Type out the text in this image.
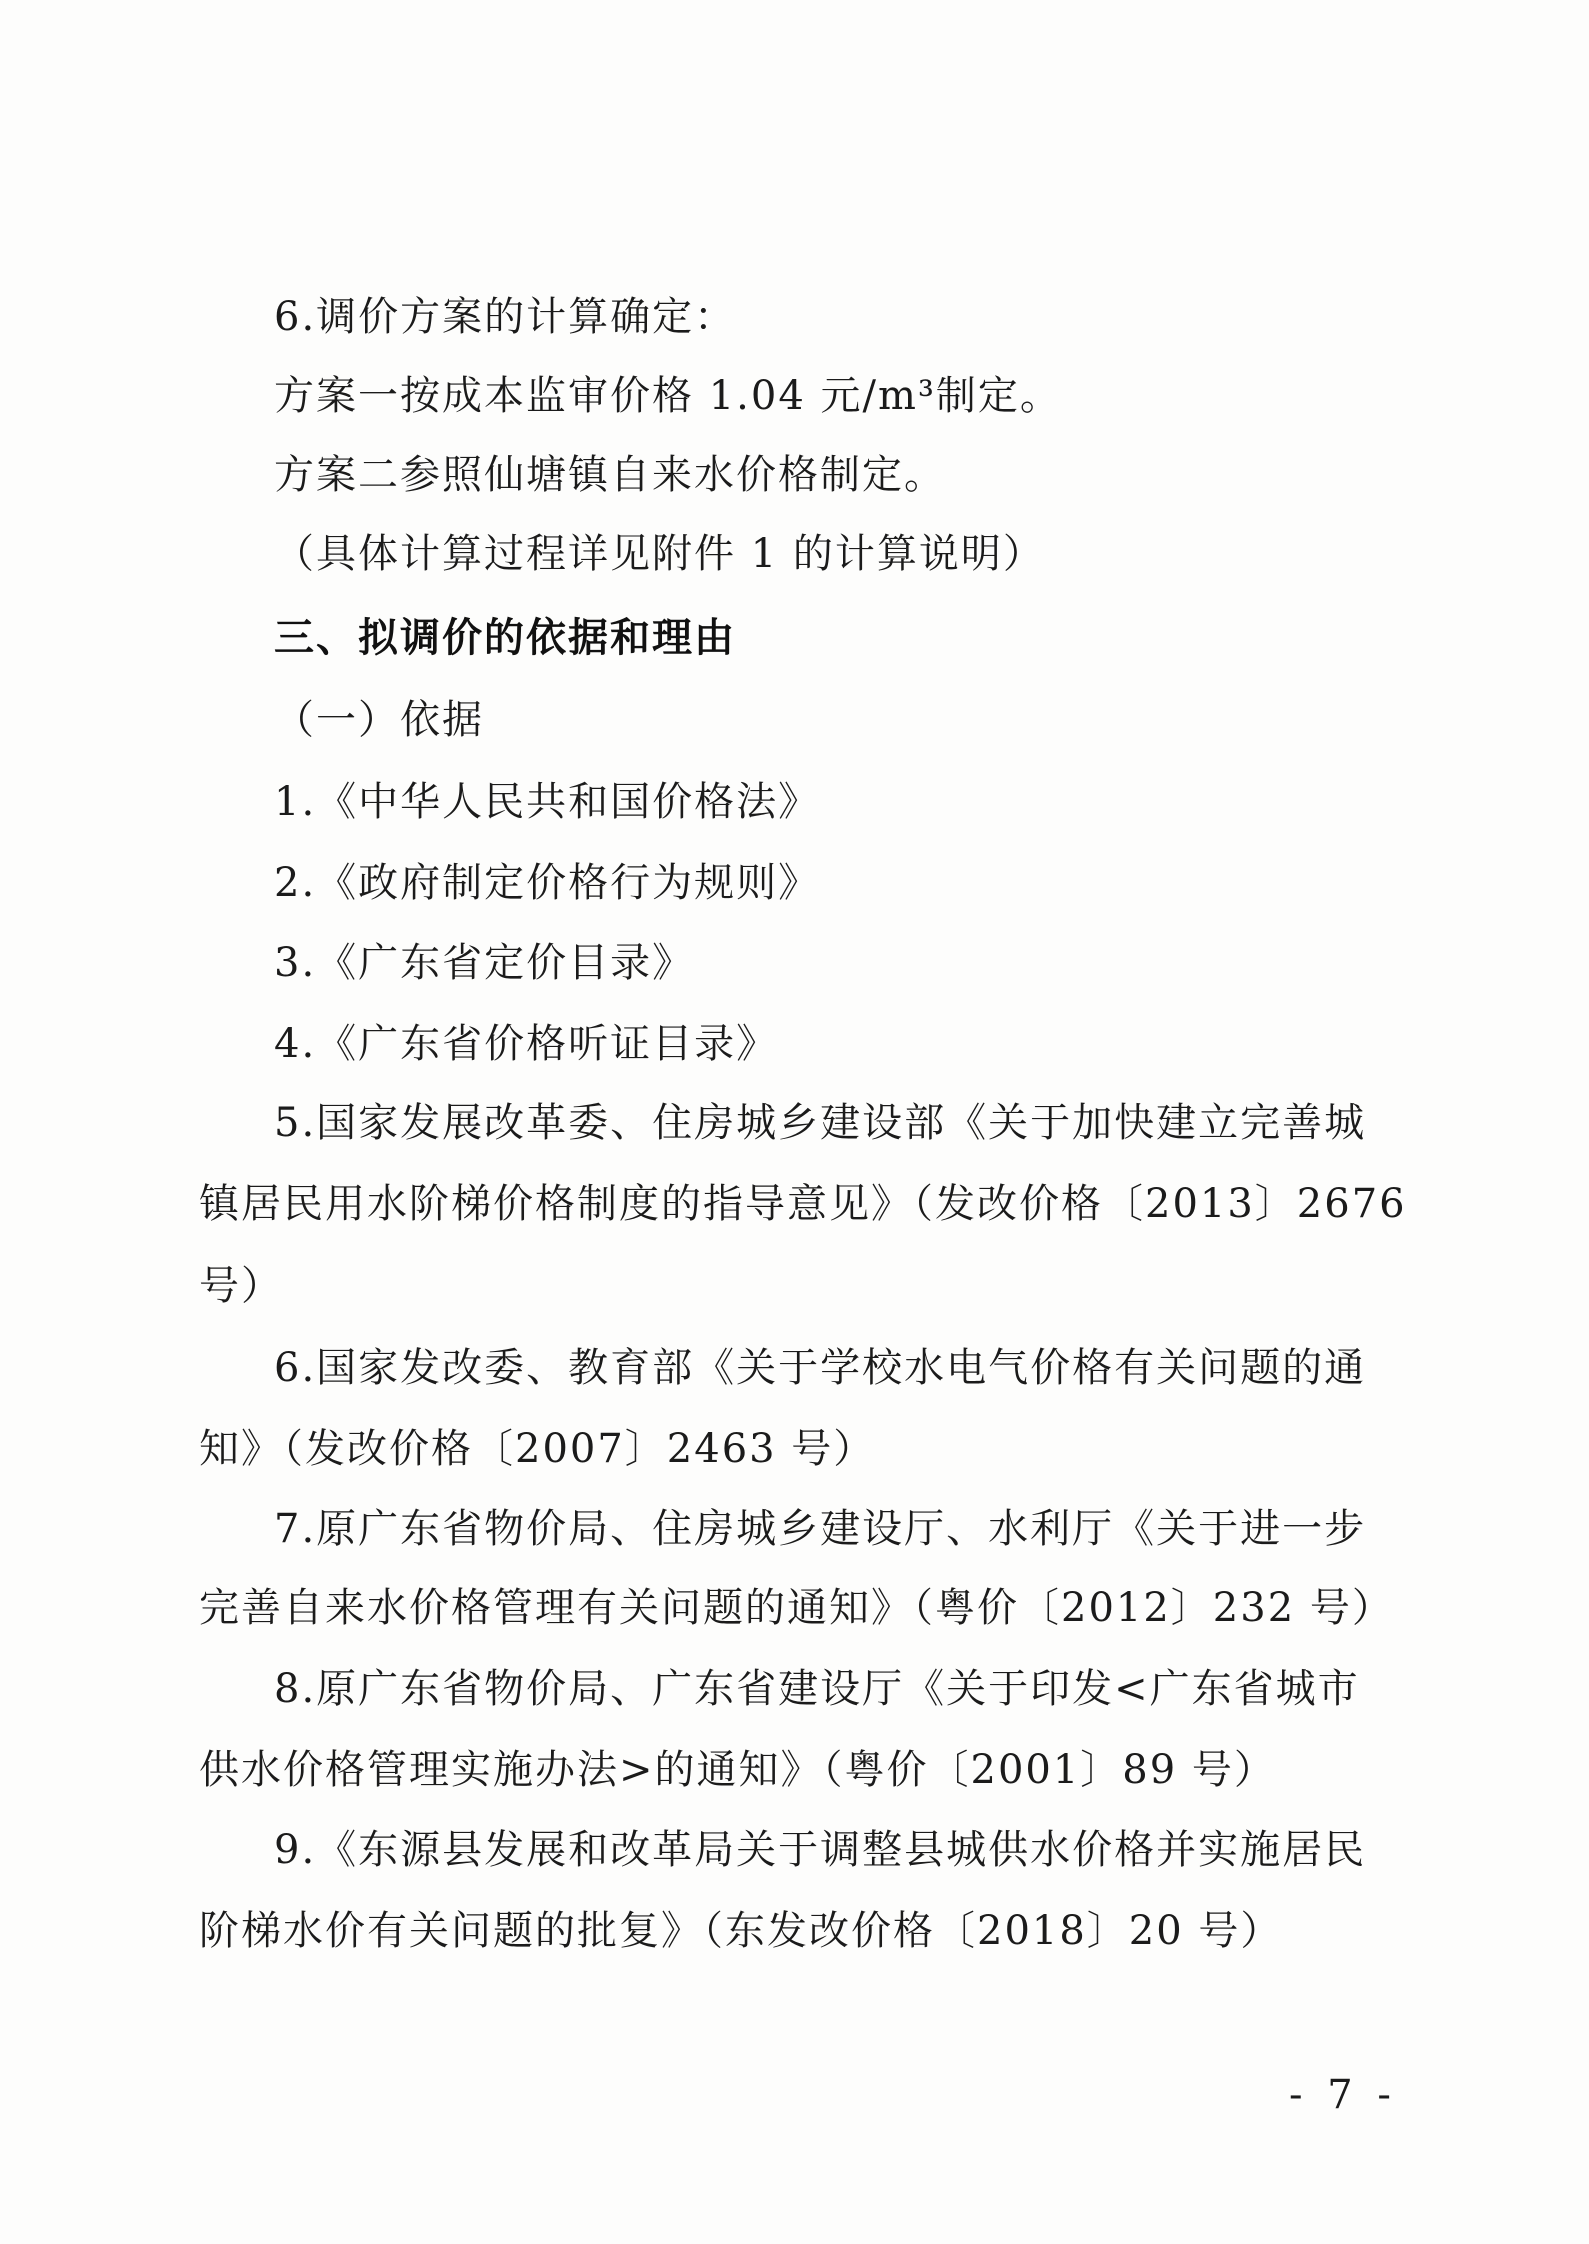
6.调价方案的计算确定：
方案一按成本监审价格 1.04 元/m³制定。
方案二参照仙塘镇自来水价格制定。
（具体计算过程详见附件 1 的计算说明）
三、拟调价的依据和理由
（一）依据
1.《中华人民共和国价格法》
2.《政府制定价格行为规则》
3.《广东省定价目录》
4.《广东省价格听证目录》
5.国家发展改革委、住房城乡建设部《关于加快建立完善城
镇居民用水阶梯价格制度的指导意见》（发改价格〔2013〕2676
号）
6.国家发改委、教育部《关于学校水电气价格有关问题的通
知》（发改价格〔2007〕2463 号）
7.原广东省物价局、住房城乡建设厅、水利厅《关于进一步
完善自来水价格管理有关问题的通知》（粤价〔2012〕232 号）
8.原广东省物价局、广东省建设厅《关于印发<广东省城市
供水价格管理实施办法>的通知》（粤价〔2001〕89 号）
9.《东源县发展和改革局关于调整县城供水价格并实施居民
阶梯水价有关问题的批复》（东发改价格〔2018〕20 号）
- 7 -
